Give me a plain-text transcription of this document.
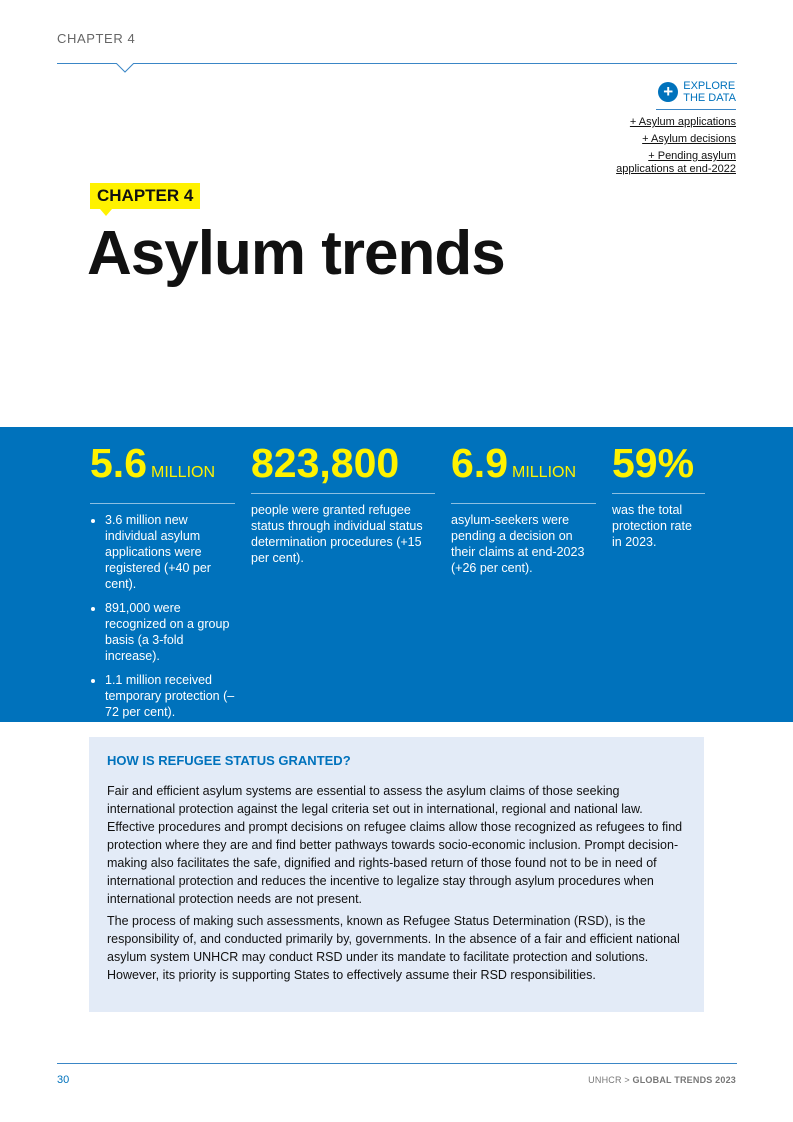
CHAPTER 4
+ EXPLORE
THE DATA
+ Asylum applications
+ Asylum decisions
+ Pending asylum applications at end-2022
CHAPTER 4
Asylum trends
5.6 MILLION
• 3.6 million new individual asylum applications were registered (+40 per cent).
• 891,000 were recognized on a group basis (a 3-fold increase).
• 1.1 million received temporary protection (–72 per cent).
823,800

people were granted refugee status through individual status determination procedures (+15 per cent).

6.9 MILLION

asylum-seekers were pending a decision on their claims at end-2023 (+26 per cent).

59%

was the total protection rate in 2023.

HOW IS REFUGEE STATUS GRANTED?

Fair and efficient asylum systems are essential to assess the asylum claims of those seeking international protection against the legal criteria set out in international, regional and national law. Effective procedures and prompt decisions on refugee claims allow those recognized as refugees to find protection where they are and find better pathways towards socio-economic inclusion. Prompt decision-making also facilitates the safe, dignified and rights-based return of those found not to be in need of international protection and reduces the incentive to legalize stay through asylum procedures when international protection needs are not present.

The process of making such assessments, known as Refugee Status Determination (RSD), is the responsibility of, and conducted primarily by, governments. In the absence of a fair and efficient national asylum system UNHCR may conduct RSD under its mandate to facilitate protection and solutions. However, its priority is supporting States to effectively assume their RSD responsibilities.

30	UNHCR > GLOBAL TRENDS 2023
